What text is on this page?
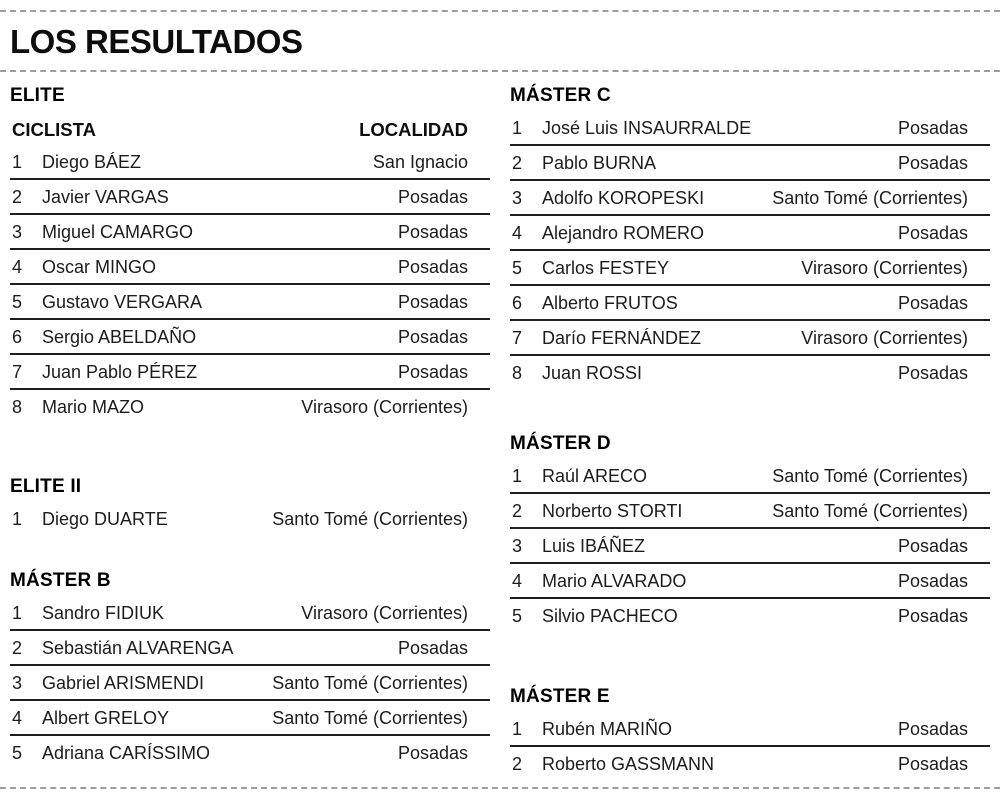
LOS RESULTADOS
ELITE
CICLISTA	LOCALIDAD
1	Diego BÁEZ	San Ignacio
2	Javier VARGAS	Posadas
3	Miguel CAMARGO	Posadas
4	Oscar MINGO	Posadas
5	Gustavo VERGARA	Posadas
6	Sergio ABELDAÑO	Posadas
7	Juan Pablo PÉREZ	Posadas
8	Mario MAZO	Virasoro (Corrientes)
ELITE II
1	Diego DUARTE	Santo Tomé (Corrientes)
MÁSTER B
1	Sandro FIDIUK	Virasoro (Corrientes)
2	Sebastián ALVARENGA	Posadas
3	Gabriel ARISMENDI	Santo Tomé (Corrientes)
4	Albert GRELOY	Santo Tomé (Corrientes)
5	Adriana CARÍSSIMO	Posadas
MÁSTER C
1	José Luis INSAURRALDE	Posadas
2	Pablo BURNA	Posadas
3	Adolfo KOROPESKI	Santo Tomé (Corrientes)
4	Alejandro ROMERO	Posadas
5	Carlos FESTEY	Virasoro (Corrientes)
6	Alberto FRUTOS	Posadas
7	Darío FERNÁNDEZ	Virasoro (Corrientes)
8	Juan ROSSI	Posadas
MÁSTER D
1	Raúl ARECO	Santo Tomé (Corrientes)
2	Norberto STORTI	Santo Tomé (Corrientes)
3	Luis IBÁÑEZ	Posadas
4	Mario ALVARADO	Posadas
5	Silvio PACHECO	Posadas
MÁSTER E
1	Rubén MARIÑO	Posadas
2	Roberto GASSMANN	Posadas
